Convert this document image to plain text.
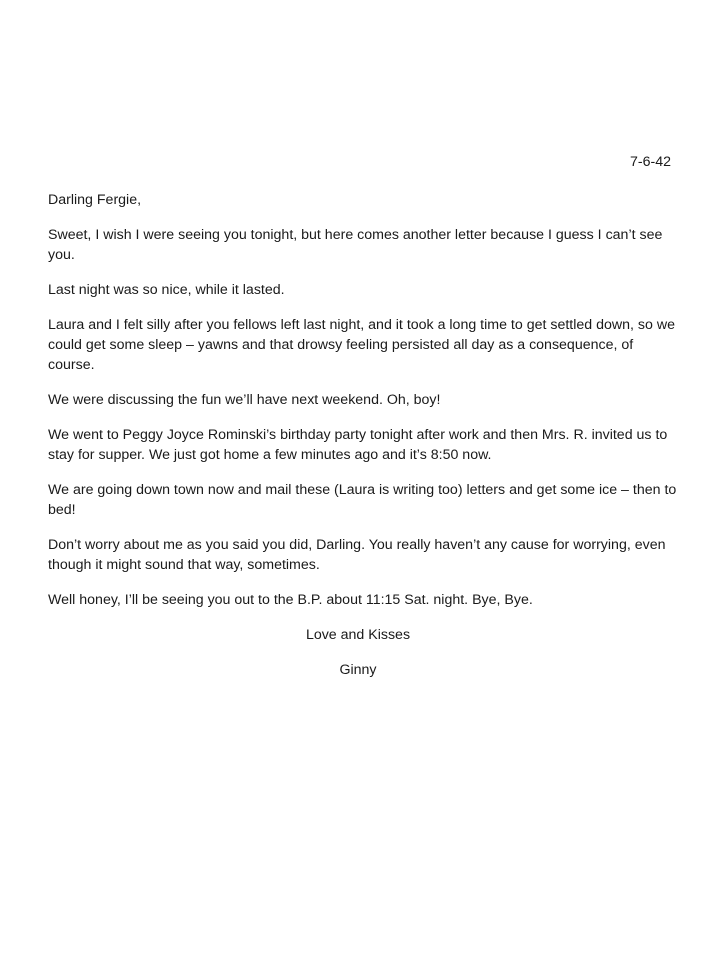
7-6-42

Darling Fergie,

Sweet, I wish I were seeing you tonight, but here comes another letter because I guess I can’t see you.

Last night was so nice, while it lasted.

Laura and I felt silly after you fellows left last night, and it took a long time to get settled down, so we could get some sleep – yawns and that drowsy feeling persisted all day as a consequence, of course.

We were discussing the fun we’ll have next weekend. Oh, boy!

We went to Peggy Joyce Rominski’s birthday party tonight after work and then Mrs. R. invited us to stay for supper. We just got home a few minutes ago and it’s 8:50 now.

We are going down town now and mail these (Laura is writing too) letters and get some ice – then to bed!

Don’t worry about me as you said you did, Darling. You really haven’t any cause for worrying, even though it might sound that way, sometimes.

Well honey, I’ll be seeing you out to the B.P. about 11:15 Sat. night. Bye, Bye.

Love and Kisses

Ginny
